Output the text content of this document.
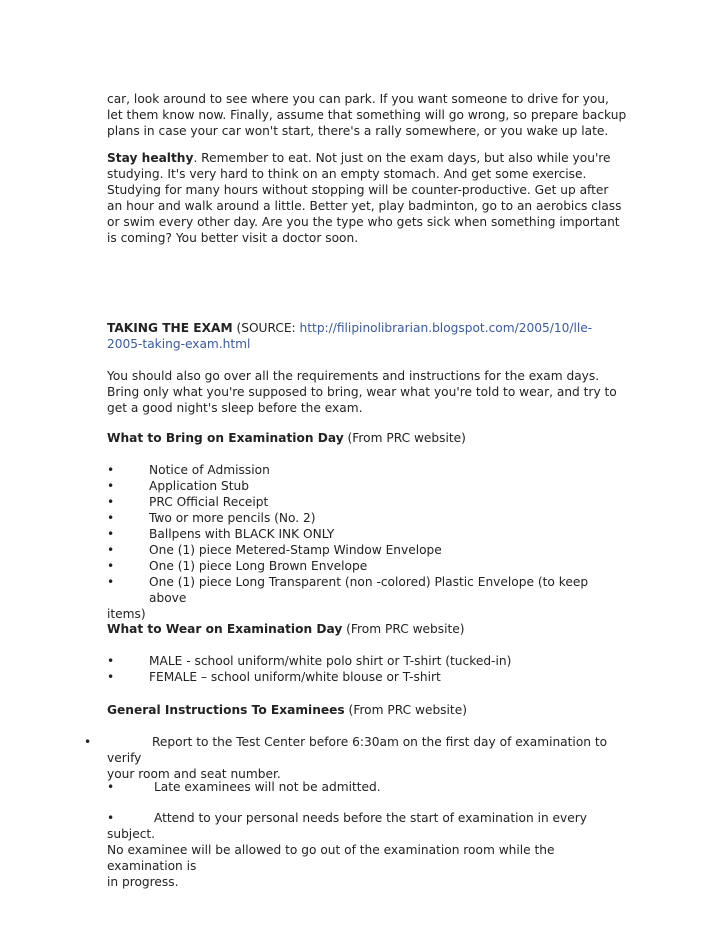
car, look around to see where you can park. If you want someone to drive for you, let them know now. Finally, assume that something will go wrong, so prepare backup plans in case your car won't start, there's a rally somewhere, or you wake up late.

Stay healthy. Remember to eat. Not just on the exam days, but also while you're studying. It's very hard to think on an empty stomach. And get some exercise. Studying for many hours without stopping will be counter-productive. Get up after an hour and walk around a little. Better yet, play badminton, go to an aerobics class or swim every other day. Are you the type who gets sick when something important is coming? You better visit a doctor soon.

TAKING THE EXAM (SOURCE: http://filipinolibrarian.blogspot.com/2005/10/lle-2005-taking-exam.html

You should also go over all the requirements and instructions for the exam days. Bring only what you're supposed to bring, wear what you're told to wear, and try to get a good night's sleep before the exam.

What to Bring on Examination Day (From PRC website)

•	Notice of Admission
•	Application Stub
•	PRC Official Receipt
•	Two or more pencils (No. 2)
•	Ballpens with BLACK INK ONLY
•	One (1) piece Metered-Stamp Window Envelope
•	One (1) piece Long Brown Envelope
•	One (1) piece Long Transparent (non -colored) Plastic Envelope (to keep above
items)

What to Wear on Examination Day (From PRC website)

•	MALE - school uniform/white polo shirt or T-shirt (tucked-in)
•	FEMALE – school uniform/white blouse or T-shirt

General Instructions To Examinees (From PRC website)

•	Report to the Test Center before 6:30am on the first day of examination to verify
your room and seat number.
•	Late examinees will not be admitted.
•	Attend to your personal needs before the start of examination in every subject.
No examinee will be allowed to go out of the examination room while the examination is
in progress.
